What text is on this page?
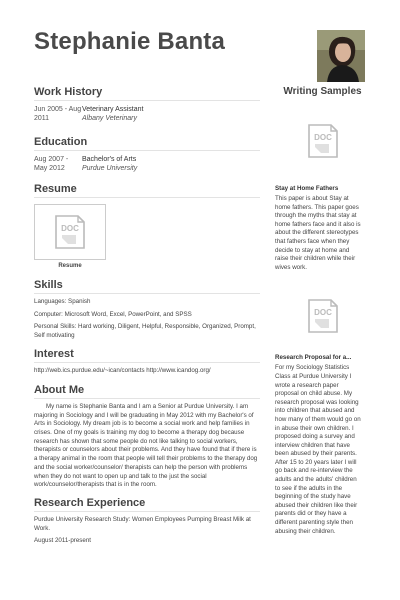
Stephanie Banta
Work History
Jun 2005 - Aug 2011
Veterinary Assistant
Albany Veterinary
Education
Aug 2007 - May 2012
Bachelor's of Arts
Purdue University
Resume
DOC
Resume
Skills
Languages: Spanish
Computer: Microsoft Word, Excel, PowerPoint, and SPSS
Personal Skills: Hard working, Diligent, Helpful, Responsible, Organized, Prompt, Self motivating
Interest
http://web.ics.purdue.edu/~ican/contacts http://www.icandog.org/
About Me
My name is Stephanie Banta and I am a Senior at Purdue University. I am majoring in Sociology and I will be graduating in May 2012 with my Bachelor's of Arts in Sociology. My dream job is to become a social work and help families in crises. One of my goals is training my dog to become a therapy dog because research has shown that some people do not like talking to social workers, therapists or counselors about their problems. And they have found that if there is a therapy animal in the room that people will tell their problems to the therapy dog and the social worker/counselor/ therapists can help the person with problems when they do not want to open up and talk to the just the social work/counselor/therapists that is in the room.
Research Experience
Purdue University Research Study: Women Employees Pumping Breast Milk at Work.
August 2011-present
Writing Samples
DOC
Stay at Home Fathers
This paper is about Stay at home fathers. This paper goes through the myths that stay at home fathers face and it also is about the different stereotypes that fathers face when they decide to stay at home and raise their children while their wives work.
DOC
Research Proposal for a...
For my Sociology Statistics Class at Purdue University I wrote a research paper proposal on child abuse. My research proposal was looking into children that abused and how many of them would go on in abuse their own children. I proposed doing a survey and interview children that have been abused by their parents. After 15 to 20 years later I will go back and re-interview the adults and the adults' children to see if the adults in the beginning of the study have abused their children like their parents did or they have a different parenting style then abusing their children.
